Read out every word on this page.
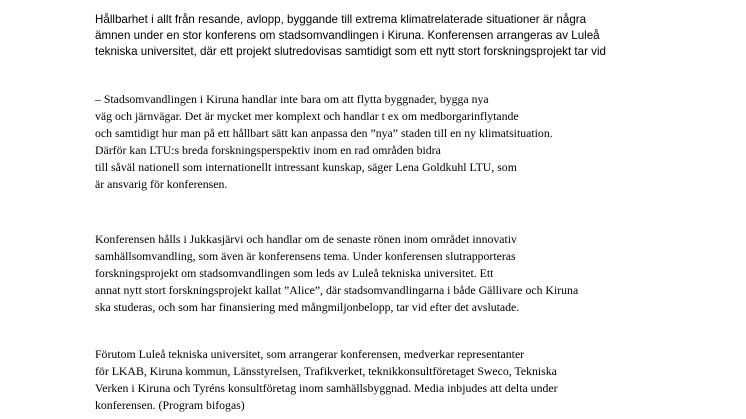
Hållbarhet i allt från resande, avlopp, byggande till extrema klimatrelaterade situationer är några
ämnen under en stor konferens om stadsomvandlingen i Kiruna. Konferensen arrangeras av Luleå
tekniska universitet, där ett projekt slutredovisas samtidigt som ett nytt stort forskningsprojekt tar vid
– Stadsomvandlingen i Kiruna handlar inte bara om att flytta byggnader, bygga nya
väg och järnvägar. Det är mycket mer komplext och handlar t ex om medborgarinflytande
och samtidigt hur man på ett hållbart sätt kan anpassa den ”nya” staden till en ny klimatsituation.
Därför kan LTU:s breda forskningsperspektiv inom en rad områden bidra
till såväl nationell som internationellt intressant kunskap, säger Lena Goldkuhl LTU, som
är ansvarig för konferensen.
Konferensen hålls i Jukkasjärvi och handlar om de senaste rönen inom området innovativ
samhällsomvandling, som även är konferensens tema. Under konferensen slutrapporteras
forskningsprojekt om stadsomvandlingen som leds av Luleå tekniska universitet. Ett
annat nytt stort forskningsprojekt kallat ”Alice”, där stadsomvandlingarna i både Gällivare och Kiruna
ska studeras, och som har finansiering med mångmiljonbelopp, tar vid efter det avslutade.
Förutom Luleå tekniska universitet, som arrangerar konferensen, medverkar representanter
för LKAB, Kiruna kommun, Länsstyrelsen, Trafikverket, teknikkonsultföretaget Sweco, Tekniska
Verken i Kiruna och Tyréns konsultföretag inom samhällsbyggnad. Media inbjudes att delta under
konferensen. (Program bifogas)
